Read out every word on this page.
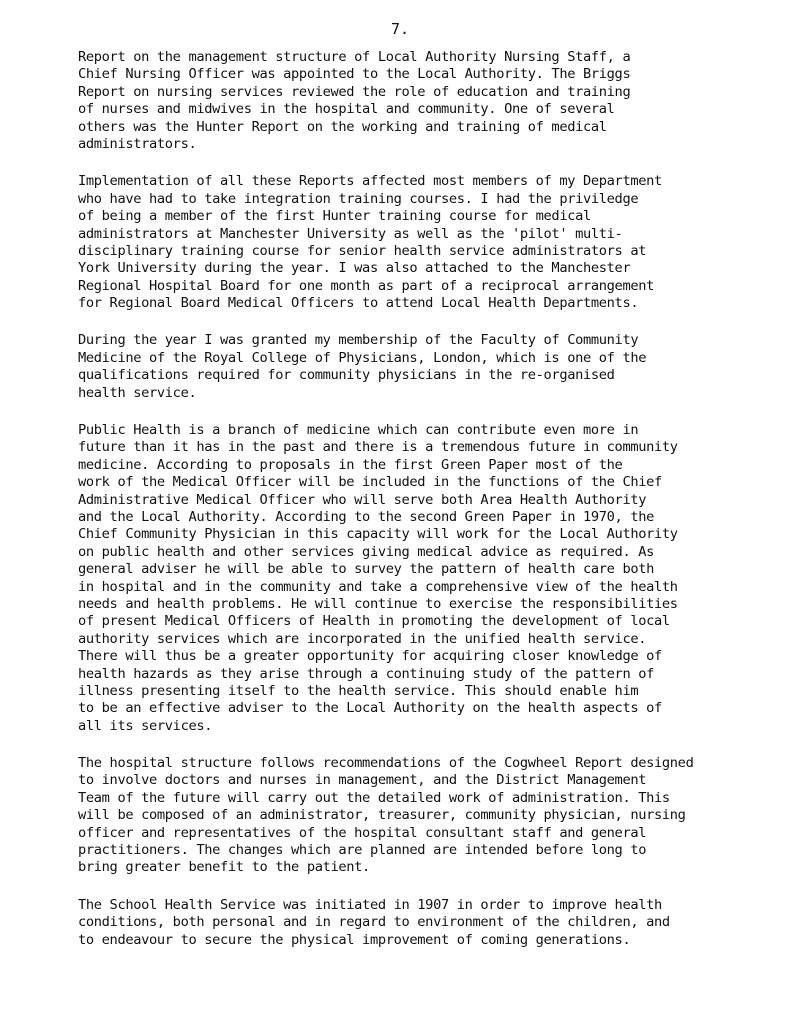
7.
Report on the management structure of Local Authority Nursing Staff, a
Chief Nursing Officer was appointed to the Local Authority. The Briggs
Report on nursing services reviewed the role of education and training
of nurses and midwives in the hospital and community. One of several
others was the Hunter Report on the working and training of medical
administrators.
Implementation of all these Reports affected most members of my Department
who have had to take integration training courses. I had the priviledge
of being a member of the first Hunter training course for medical
administrators at Manchester University as well as the 'pilot' multi-
disciplinary training course for senior health service administrators at
York University during the year. I was also attached to the Manchester
Regional Hospital Board for one month as part of a reciprocal arrangement
for Regional Board Medical Officers to attend Local Health Departments.
During the year I was granted my membership of the Faculty of Community
Medicine of the Royal College of Physicians, London, which is one of the
qualifications required for community physicians in the re-organised
health service.
Public Health is a branch of medicine which can contribute even more in
future than it has in the past and there is a tremendous future in community
medicine. According to proposals in the first Green Paper most of the
work of the Medical Officer will be included in the functions of the Chief
Administrative Medical Officer who will serve both Area Health Authority
and the Local Authority. According to the second Green Paper in 1970, the
Chief Community Physician in this capacity will work for the Local Authority
on public health and other services giving medical advice as required. As
general adviser he will be able to survey the pattern of health care both
in hospital and in the community and take a comprehensive view of the health
needs and health problems. He will continue to exercise the responsibilities
of present Medical Officers of Health in promoting the development of local
authority services which are incorporated in the unified health service.
There will thus be a greater opportunity for acquiring closer knowledge of
health hazards as they arise through a continuing study of the pattern of
illness presenting itself to the health service. This should enable him
to be an effective adviser to the Local Authority on the health aspects of
all its services.
The hospital structure follows recommendations of the Cogwheel Report designed
to involve doctors and nurses in management, and the District Management
Team of the future will carry out the detailed work of administration. This
will be composed of an administrator, treasurer, community physician, nursing
officer and representatives of the hospital consultant staff and general
practitioners. The changes which are planned are intended before long to
bring greater benefit to the patient.
The School Health Service was initiated in 1907 in order to improve health
conditions, both personal and in regard to environment of the children, and
to endeavour to secure the physical improvement of coming generations.
